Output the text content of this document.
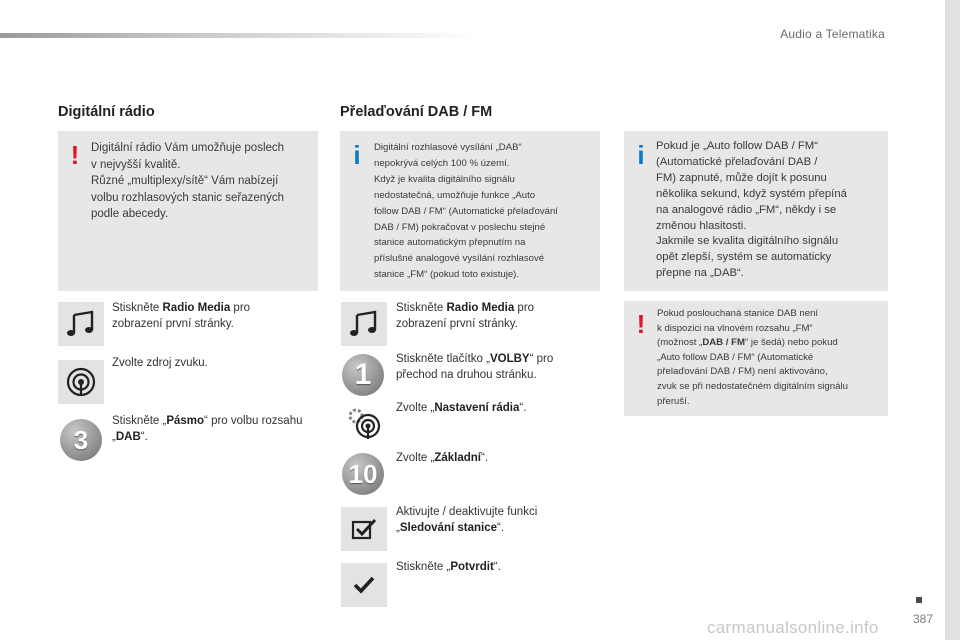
Audio a Telematika
Digitální rádio
! Digitální rádio Vám umožňuje poslech
v nejvyšší kvalitě.
Různé „multiplexy/sítě“ Vám nabízejí
volbu rozhlasových stanic seřazených
podle abecedy.
Stiskněte Radio Media pro
zobrazení první stránky.
Zvolte zdroj zvuku.
3
Stiskněte „Pásmo“ pro volbu rozsahu
„DAB“.
Přelaďování DAB / FM
i Digitální rozhlasové vysílání „DAB“
nepokrývá celých 100 % území.
Když je kvalita digitálního signálu
nedostatečná, umožňuje funkce „Auto
follow DAB / FM“ (Automatické přelaďování
DAB / FM) pokračovat v poslechu stejné
stanice automatickým přepnutím na
příslušné analogové vysílání rozhlasové
stanice „FM“ (pokud toto existuje).
Stiskněte Radio Media pro
zobrazení první stránky.
1	Stiskněte tlačítko „VOLBY“ pro
přechod na druhou stránku.
Zvolte „Nastavení rádia“.
10
Zvolte „Základní“.
Aktivujte / deaktivujte funkci
„Sledování stanice“.
Stiskněte „Potvrdit“.
i Pokud je „Auto follow DAB / FM“
(Automatické přelaďování DAB /
FM) zapnuté, může dojít k posunu
několika sekund, když systém přepíná
na analogové rádio „FM“, někdy i se
změnou hlasitosti.
Jakmile se kvalita digitálního signálu
opět zlepší, systém se automaticky
přepne na „DAB“.
! Pokud poslouchaná stanice DAB není
k dispozici na vlnovém rozsahu „FM“
(možnost „DAB / FM“ je šedá) nebo pokud
„Auto follow DAB / FM“ (Automatické
přelaďování DAB / FM) není aktivováno,
zvuk se při nedostatečném digitálním signálu
přeruší.
387
carmanualsonline.info
